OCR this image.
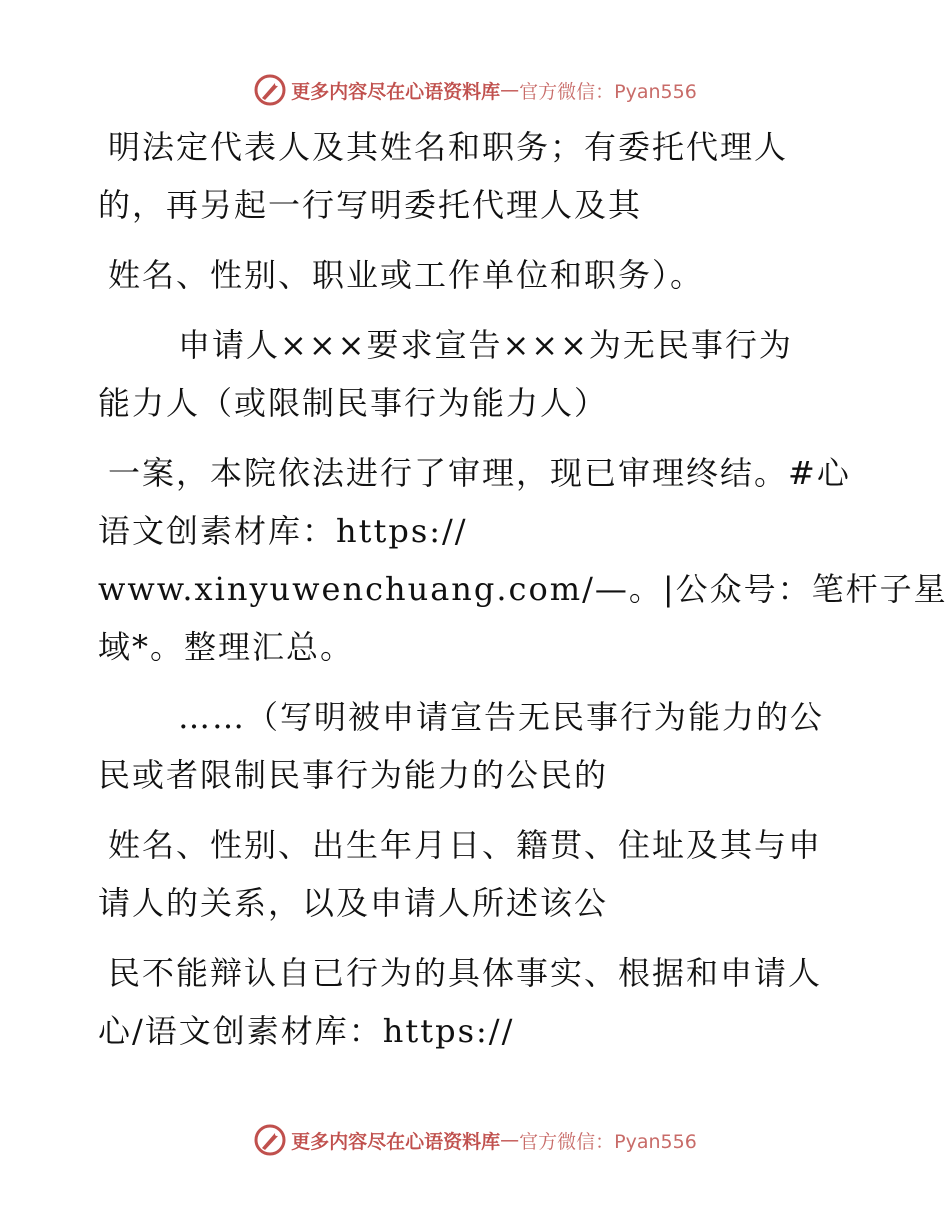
更多内容尽在心语资料库 — 官方微信：Pyan556
明法定代表人及其姓名和职务；有委托代理人
的，再另起一行写明委托代理人及其
姓名、性别、职业或工作单位和职务）。
申请人×××要求宣告×××为无民事行为
能力人（或限制民事行为能力人）
一案，本院依法进行了审理，现已审理终结。#心
语文创素材库：https://
www.xinyuwenchuang.com/—。|公众号：笔杆子星
域*。整理汇总。
……（写明被申请宣告无民事行为能力的公
民或者限制民事行为能力的公民的
姓名、性别、出生年月日、籍贯、住址及其与申
请人的关系，以及申请人所述该公
民不能辩认自已行为的具体事实、根据和申请人
心/语文创素材库：https://
更多内容尽在心语资料库 — 官方微信：Pyan556
